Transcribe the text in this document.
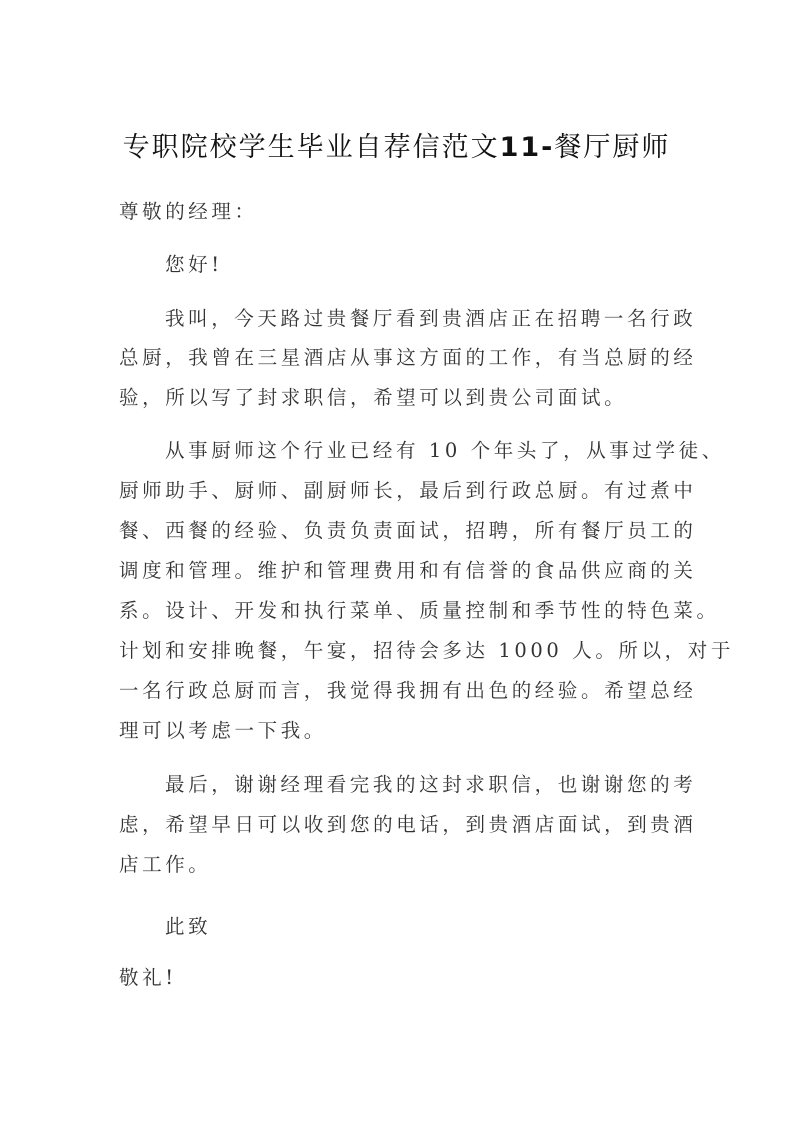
专职院校学生毕业自荐信范文11-餐厅厨师
尊敬的经理：
您好!
我叫，今天路过贵餐厅看到贵酒店正在招聘一名行政
总厨，我曾在三星酒店从事这方面的工作，有当总厨的经
验，所以写了封求职信，希望可以到贵公司面试。
从事厨师这个行业已经有 10 个年头了，从事过学徒、
厨师助手、厨师、副厨师长，最后到行政总厨。有过煮中
餐、西餐的经验、负责负责面试，招聘，所有餐厅员工的
调度和管理。维护和管理费用和有信誉的食品供应商的关
系。设计、开发和执行菜单、质量控制和季节性的特色菜。
计划和安排晚餐，午宴，招待会多达 1000 人。所以，对于
一名行政总厨而言，我觉得我拥有出色的经验。希望总经
理可以考虑一下我。
最后，谢谢经理看完我的这封求职信，也谢谢您的考
虑，希望早日可以收到您的电话，到贵酒店面试，到贵酒
店工作。
此致
敬礼!
